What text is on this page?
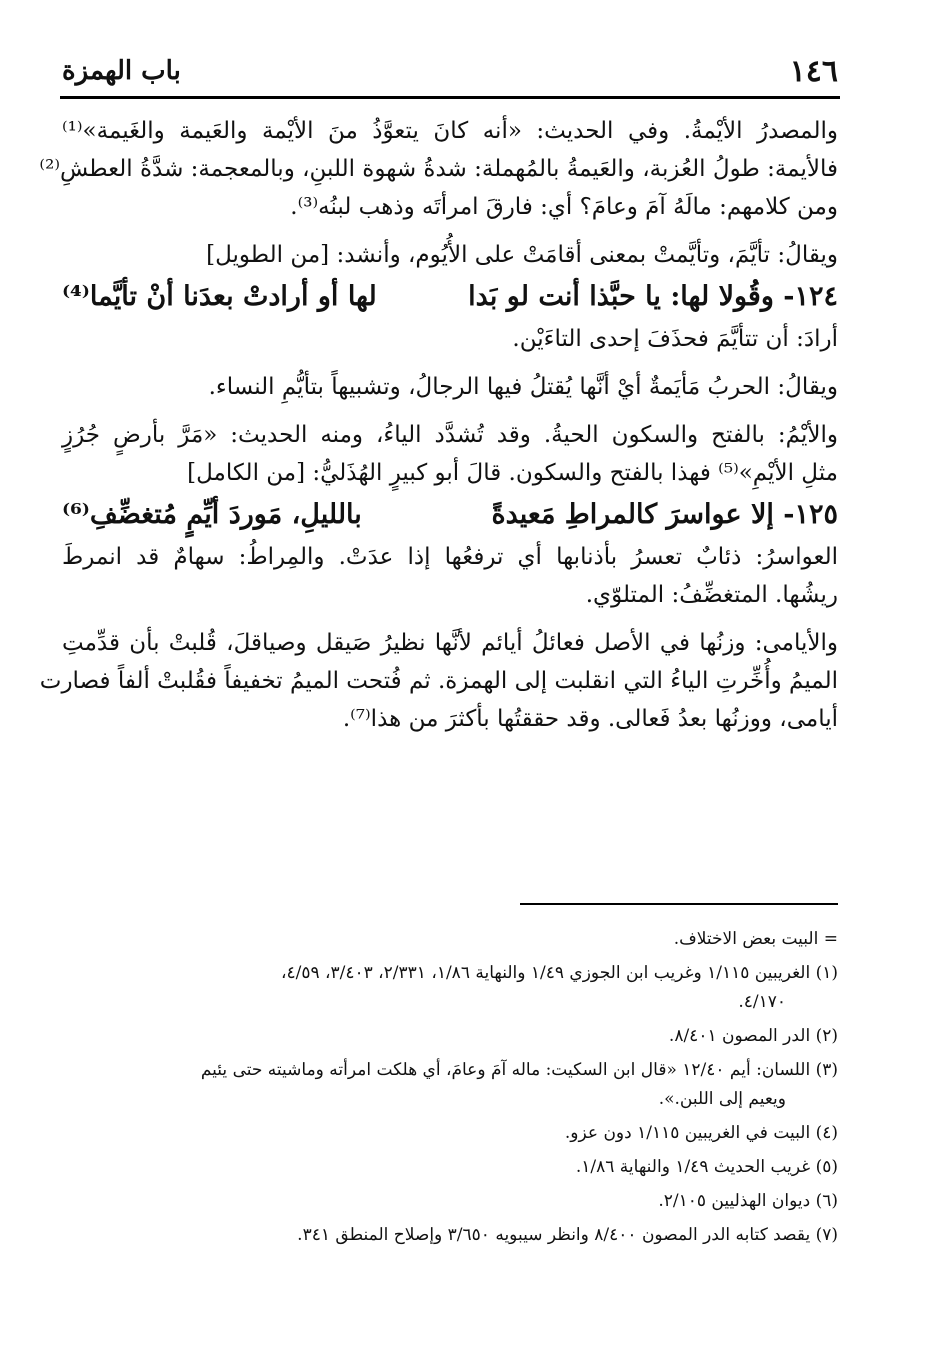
١٤٦
باب الهمزة
والمصدرُ الأيْمةُ. وفي الحديث: «أنه كانَ يتعوَّذُ منَ الأيْمة والعَيمة والغَيمة»⁽¹⁾
فالأيمة: طولُ العُزبة، والعَيمةُ بالمُهملة: شدةُ شهوة اللبنِ، وبالمعجمة: شدَّةُ العطشِ⁽²⁾
ومن كلامهم: مالَهُ آمَ وعامَ؟ أي: فارقَ امرأتَه وذهب لبنُه⁽³⁾.
ويقالُ: تأيَّمَ، وتأيَّمتْ بمعنى أقامَتْ على الأُيُوم، وأنشد: [من الطويل]
١٢٤- وقُولا لها: يا حبَّذا أنت لو بَدا
لها أو أرادتْ بعدَنا أنْ تأيَّما⁽⁴⁾
أرادَ: أن تتأيَّمَ فحذَفَ إحدى التاءَيْن.
ويقالُ: الحربُ مَأيَمةٌ أيْ أنَّها يُقتلُ فيها الرجالُ، وتشبيهاً بتأيُّمِ النساء.
والأيْمُ: بالفتح والسكون الحيةُ. وقد تُشدَّد الياءُ، ومنه الحديث: «مَرَّ بأرضٍ جُرُزٍ
مثلِ الأيْمِ»⁽⁵⁾ فهذا بالفتح والسكون. قالَ أبو كبيرٍ الهُذَليُّ: [من الكامل]
١٢٥- إلا عواسرَ كالمراطِ مَعيدةً
بالليلِ، مَوردَ أيِّمٍ مُتغضِّفِ⁽⁶⁾
العواسرُ: ذئابٌ تعسرُ بأذنابها أي ترفعُها إذا عدَتْ. والمِراطُ: سهامٌ قد انمرطَ
ريشُها. المتغضِّفُ: المتلوّي.
والأيامى: وزنُها في الأصل فعائلُ أيائم لأنَّها نظيرُ صَيقل وصياقلَ، قُلبتْ بأن قدِّمتِ
الميمُ وأُخِّرتِ الياءُ التي انقلبت إلى الهمزة. ثم فُتحت الميمُ تخفيفاً فقُلبتْ ألفاً فصارت
أيامى، ووزنُها بعدُ فَعالى. وقد حققتُها بأكثرَ من هذا⁽⁷⁾.
= البيت بعض الاختلاف.
(١) الغريبين ١/١١٥ وغريب ابن الجوزي ١/٤٩ والنهاية ١/٨٦، ٢/٣٣١، ٣/٤٠٣، ٤/٥٩،
٤/١٧٠.
(٢) الدر المصون ٨/٤٠١.
(٣) اللسان: أيم ١٢/٤٠ «قال ابن السكيت: ماله آمَ وعامَ، أي هلكت امرأته وماشيته حتى يئيم
ويعيم إلى اللبن.».
(٤) البيت في الغريبين ١/١١٥ دون عزو.
(٥) غريب الحديث ١/٤٩ والنهاية ١/٨٦.
(٦) ديوان الهذليين ٢/١٠٥.
(٧) يقصد كتابه الدر المصون ٨/٤٠٠ وانظر سيبويه ٣/٦٥٠ وإصلاح المنطق ٣٤١.
